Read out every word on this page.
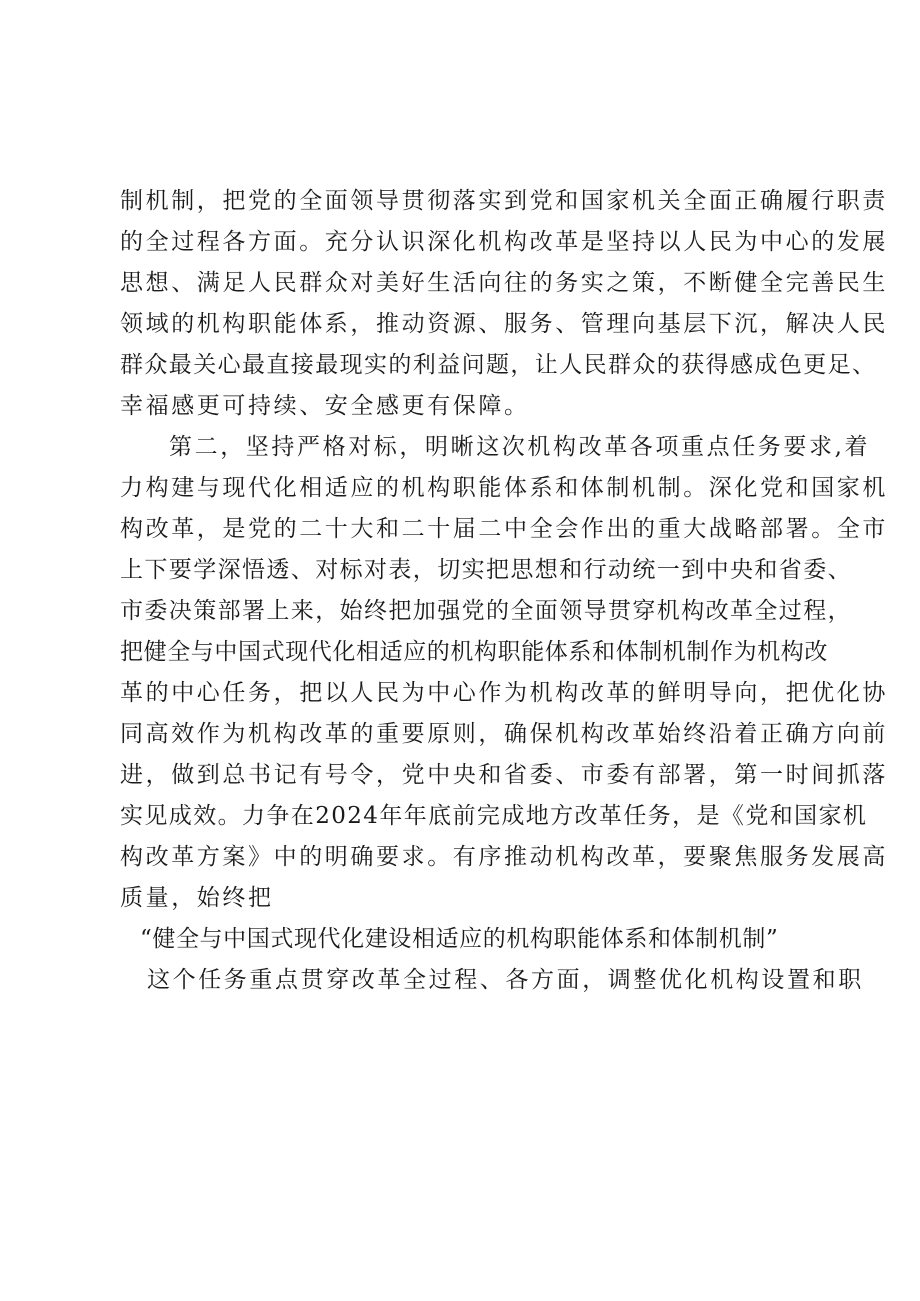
制机制，把党的全面领导贯彻落实到党和国家机关全面正确履行职责
的全过程各方面。充分认识深化机构改革是坚持以人民为中心的发展
思想、满足人民群众对美好生活向往的务实之策，不断健全完善民生
领域的机构职能体系，推动资源、服务、管理向基层下沉，解决人民
群众最关心最直接最现实的利益问题，让人民群众的获得感成色更足、
幸福感更可持续、安全感更有保障。
第二，坚持严格对标，明晰这次机构改革各项重点任务要求,着
力构建与现代化相适应的机构职能体系和体制机制。深化党和国家机
构改革，是党的二十大和二十届二中全会作出的重大战略部署。全市
上下要学深悟透、对标对表，切实把思想和行动统一到中央和省委、
市委决策部署上来，始终把加强党的全面领导贯穿机构改革全过程，
把健全与中国式现代化相适应的机构职能体系和体制机制作为机构改
革的中心任务，把以人民为中心作为机构改革的鲜明导向，把优化协
同高效作为机构改革的重要原则，确保机构改革始终沿着正确方向前
进，做到总书记有号令，党中央和省委、市委有部署，第一时间抓落
实见成效。力争在2024年年底前完成地方改革任务，是《党和国家机
构改革方案》中的明确要求。有序推动机构改革，要聚焦服务发展高
质量，始终把
“健全与中国式现代化建设相适应的机构职能体系和体制机制”
这个任务重点贯穿改革全过程、各方面，调整优化机构设置和职
